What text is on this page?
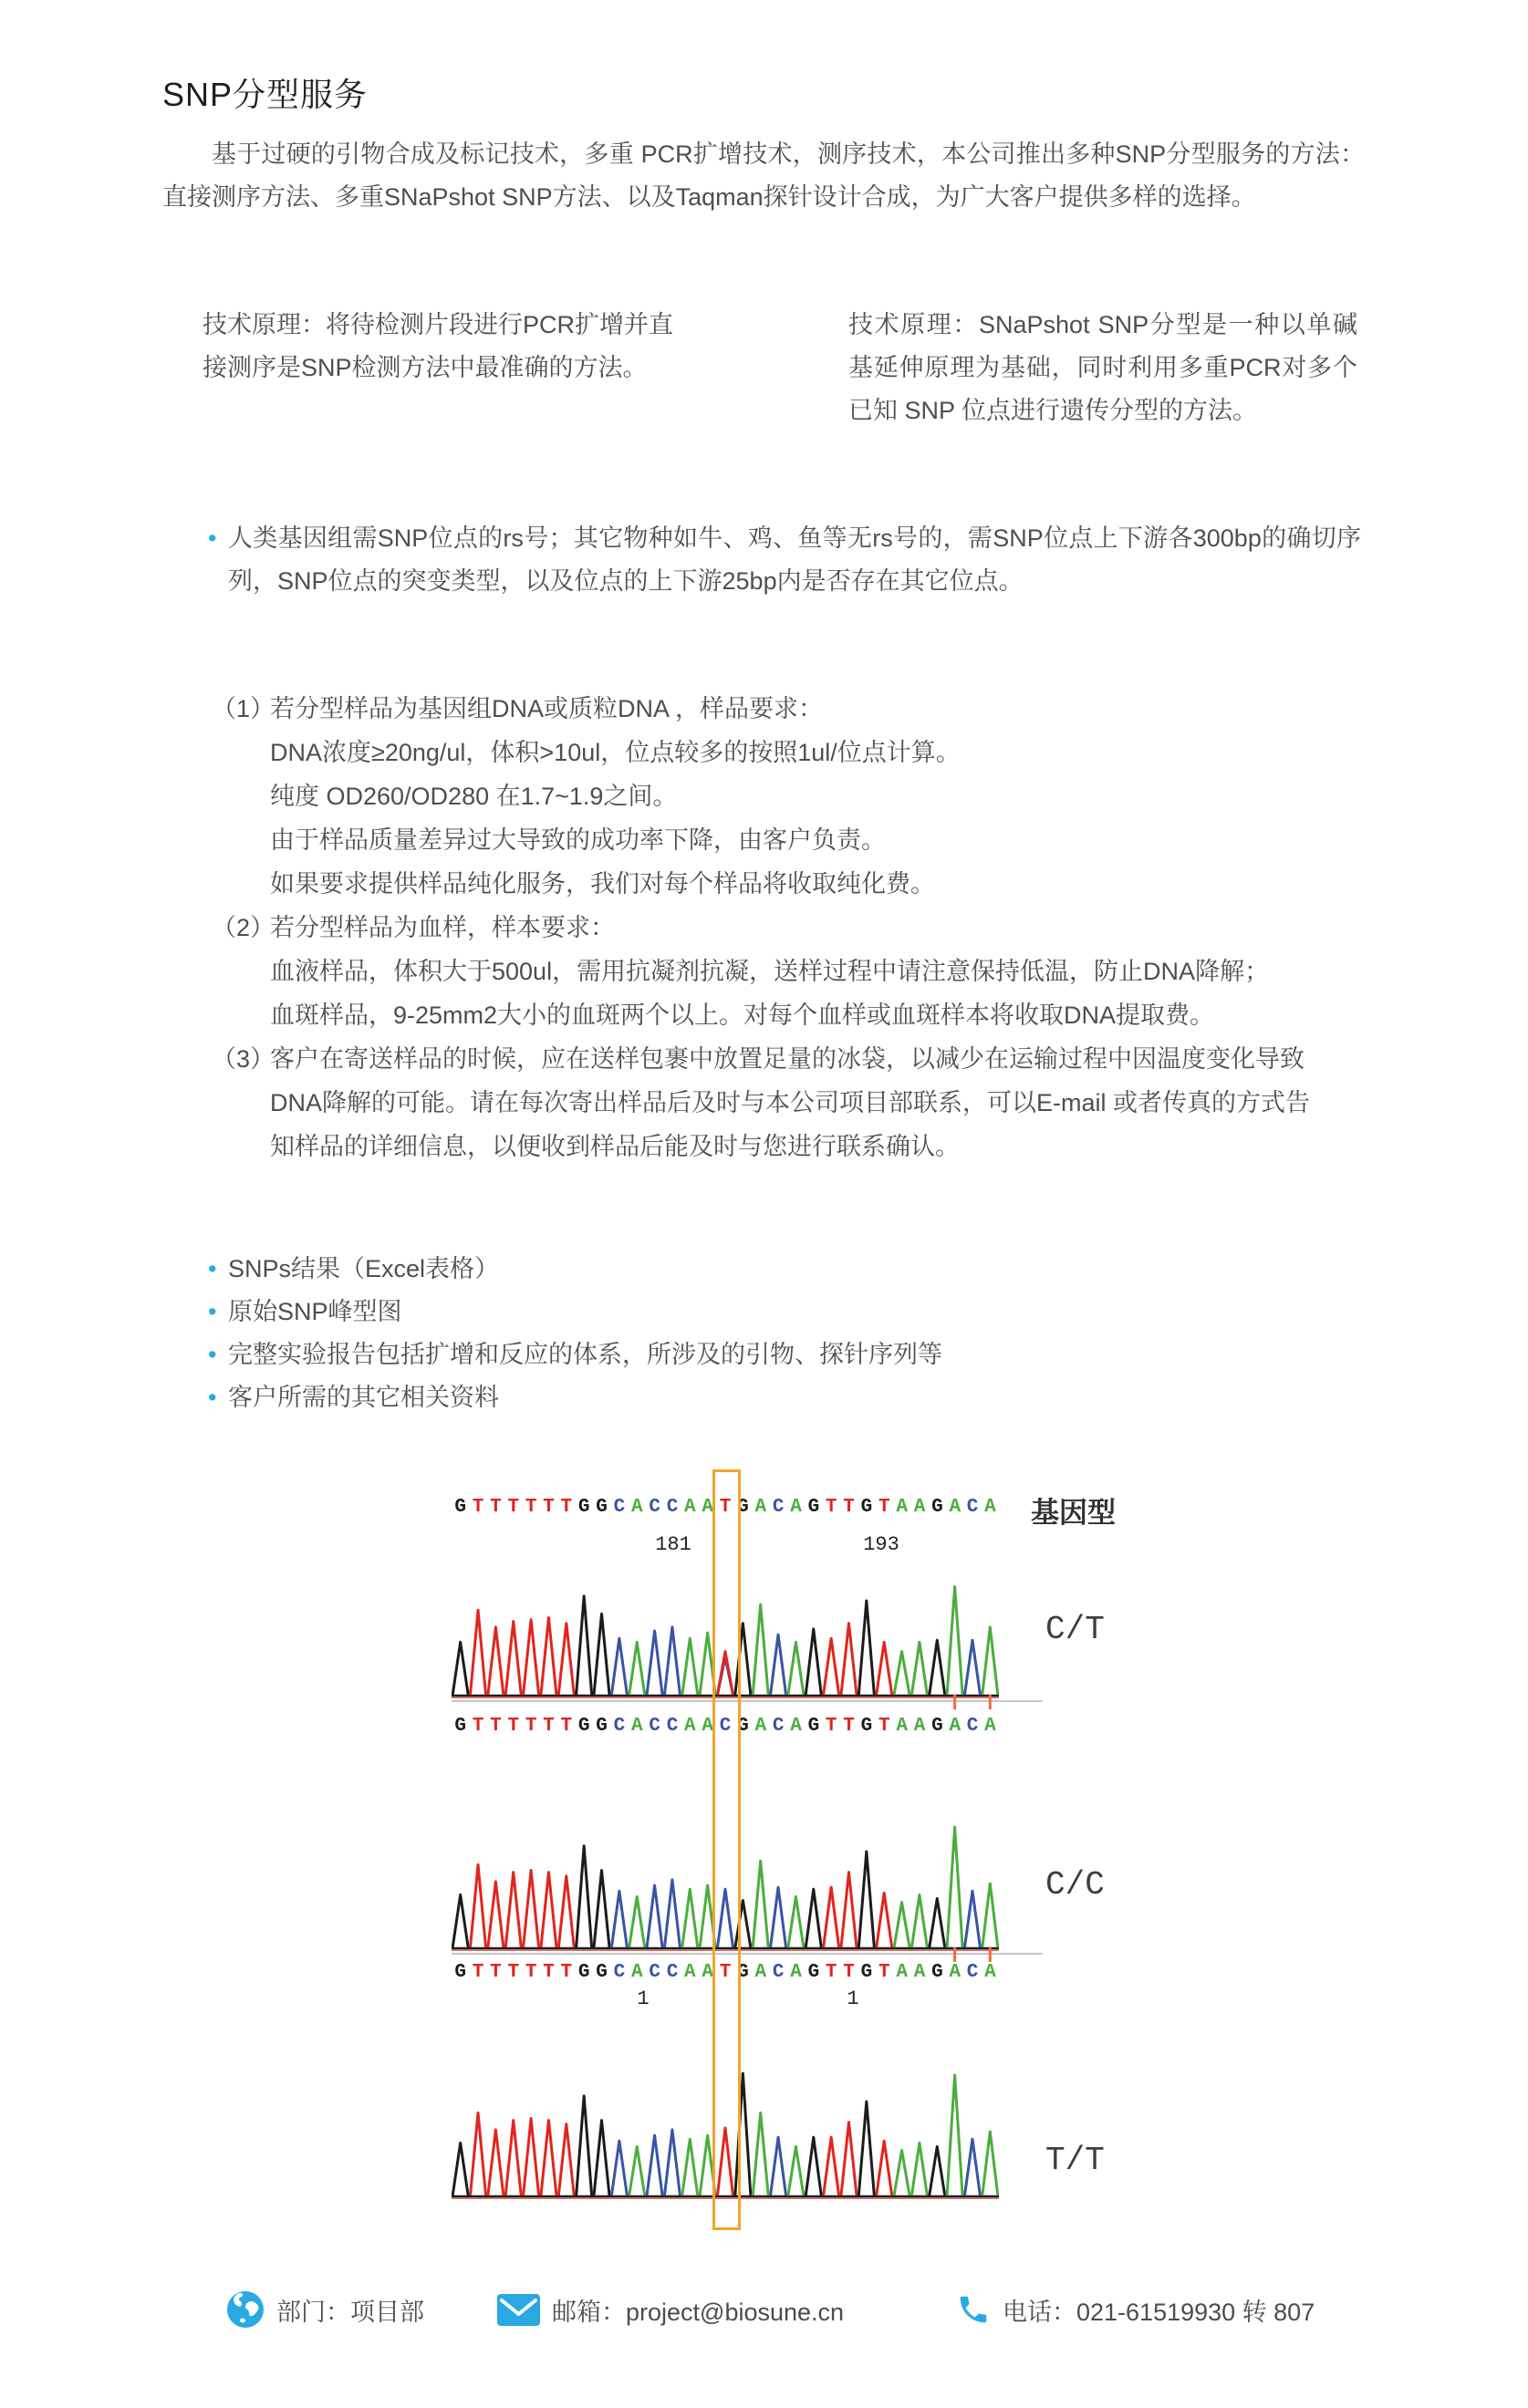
SNP分型服务

基于过硬的引物合成及标记技术，多重 PCR扩增技术，测序技术，本公司推出多种SNP分型服务的方法：直接测序方法、多重SNaPshot SNP方法、以及Taqman探针设计合成，为广大客户提供多样的选择。

直接测序法	多重SNaPshot SNP分型方法

技术原理：将待检测片段进行PCR扩增并直接测序是SNP检测方法中最准确的方法。

技术原理：SNaPshot SNP分型是一种以单碱基延伸原理为基础，同时利用多重PCR对多个已知 SNP 位点进行遗传分型的方法。

SNP位点信息（客户提供）
• 人类基因组需SNP位点的rs号；其它物种如牛、鸡、鱼等无rs号的，需SNP位点上下游各300bp的确切序列，SNP位点的突变类型，以及位点的上下游25bp内是否存在其它位点。
送样须知
（1）
若分型样品为基因组DNA或质粒DNA ，样品要求：
DNA浓度≥20ng/ul，体积>10ul，位点较多的按照1ul/位点计算。
纯度 OD260/OD280 在1.7~1.9之间。
由于样品质量差异过大导致的成功率下降，由客户负责。
如果要求提供样品纯化服务，我们对每个样品将收取纯化费。
（2）
若分型样品为血样，样本要求：
血液样品，体积大于500ul，需用抗凝剂抗凝，送样过程中请注意保持低温，防止DNA降解；
血斑样品，9-25mm2大小的血斑两个以上。对每个血样或血斑样本将收取DNA提取费。
（3）
客户在寄送样品的时候，应在送样包裹中放置足量的冰袋，以减少在运输过程中因温度变化导致
DNA降解的可能。请在每次寄出样品后及时与本公司项目部联系，可以E-mail 或者传真的方式告
知样品的详细信息，以便收到样品后能及时与您进行联系确认。
客户得到结果
• SNPs结果（Excel表格）
• 原始SNP峰型图
• 完整实验报告包括扩增和反应的体系，所涉及的引物、探针序列等
• 客户所需的其它相关资料
基因型
G T T T T T T G G C A C C A A T G A C A G T T G T A A G A C A
181	193
G T T T T T T G G C A C C A A C G A C A G T T G T A A G A C A
G T T T T T T G G C A C C A A T G A C A G T T G T A A G A C A
1	1
C/T
C/C
T/T
部门：项目部	邮箱：project@biosune.cn	电话：021-61519930 转 807
